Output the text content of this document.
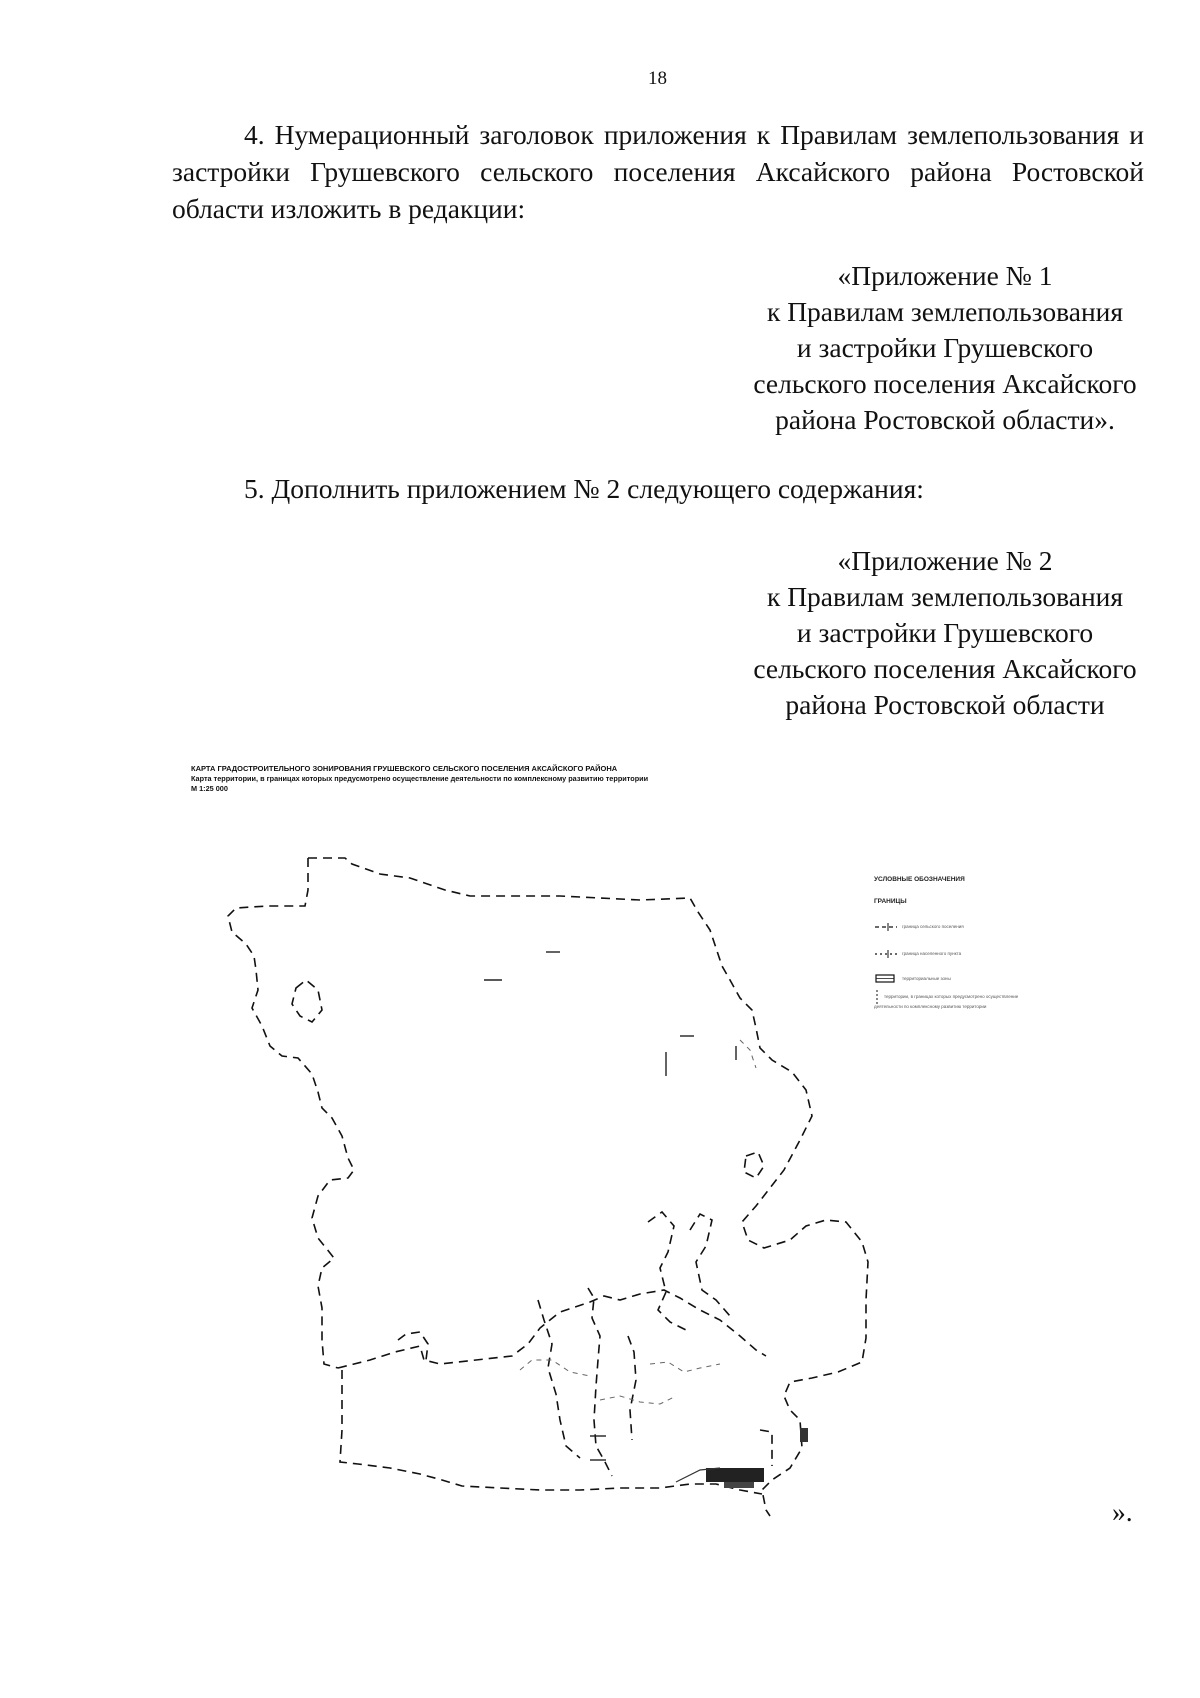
18

4. Нумерационный заголовок приложения к Правилам землепользования и застройки Грушевского сельского поселения Аксайского района Ростовской области изложить в редакции:

«Приложение № 1
к Правилам землепользования
и застройки Грушевского
сельского поселения Аксайского
района Ростовской области».

5. Дополнить приложением № 2 следующего содержания:

«Приложение № 2
к Правилам землепользования
и застройки Грушевского
сельского поселения Аксайского
района Ростовской области
КАРТА ГРАДОСТРОИТЕЛЬНОГО ЗОНИРОВАНИЯ ГРУШЕВСКОГО СЕЛЬСКОГО ПОСЕЛЕНИЯ АКСАЙСКОГО РАЙОНА
Карта территории, в границах которых предусмотрено осуществление деятельности по комплексному развитию территории
М 1:25 000
УСЛОВНЫЕ ОБОЗНАЧЕНИЯ
ГРАНИЦЫ
граница сельского поселения
граница населенного пункта
территориальные зоны
территории, в границах которых предусмотрено осуществление деятельности по комплексному развитию территории
».
